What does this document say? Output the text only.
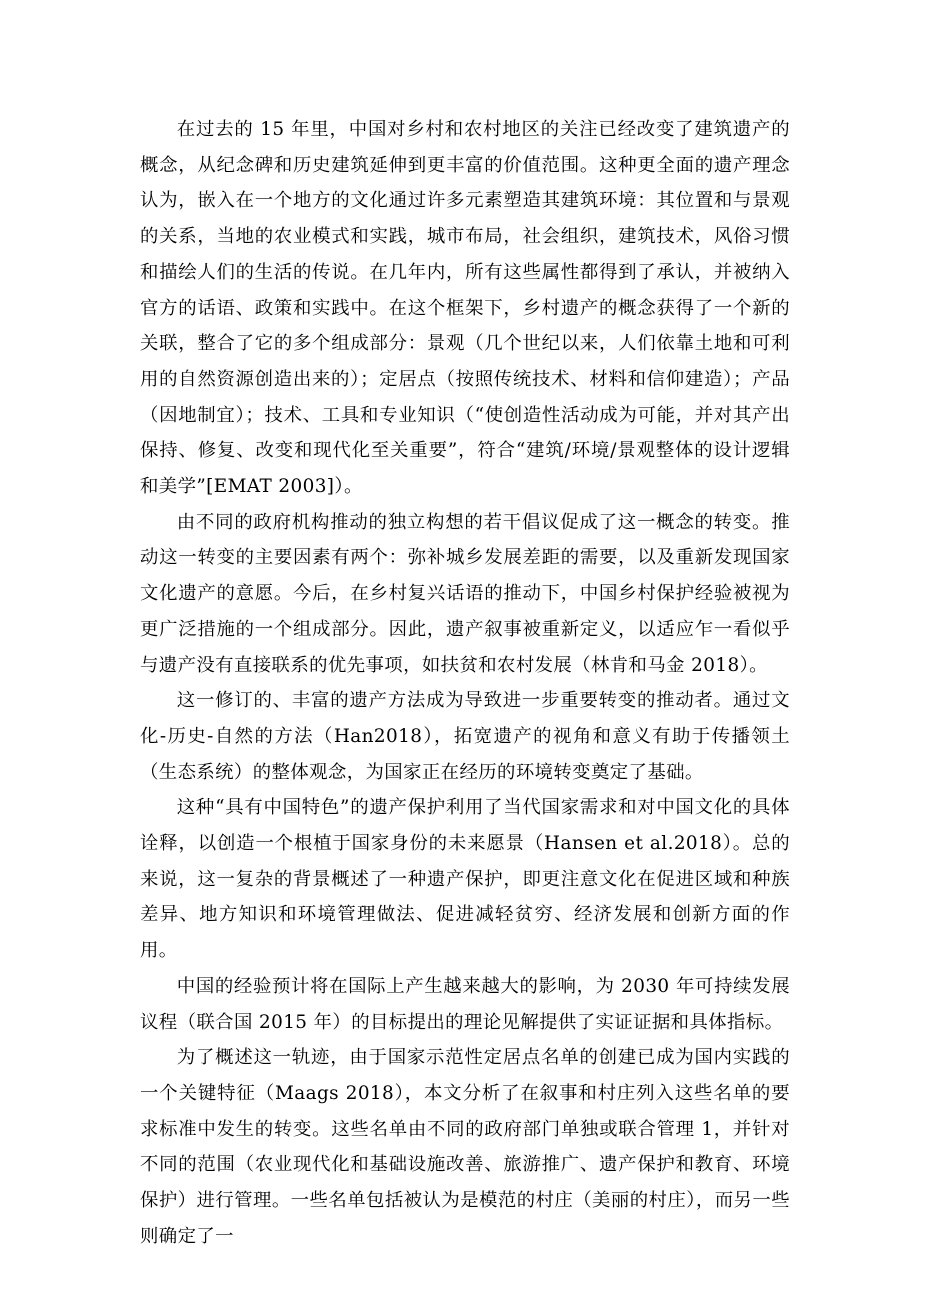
在过去的 15 年里，中国对乡村和农村地区的关注已经改变了建筑遗产的概念，从纪念碑和历史建筑延伸到更丰富的价值范围。这种更全面的遗产理念认为，嵌入在一个地方的文化通过许多元素塑造其建筑环境：其位置和与景观的关系，当地的农业模式和实践，城市布局，社会组织，建筑技术，风俗习惯和描绘人们的生活的传说。在几年内，所有这些属性都得到了承认，并被纳入官方的话语、政策和实践中。在这个框架下，乡村遗产的概念获得了一个新的关联，整合了它的多个组成部分：景观（几个世纪以来，人们依靠土地和可利用的自然资源创造出来的）；定居点（按照传统技术、材料和信仰建造）；产品（因地制宜）；技术、工具和专业知识（“使创造性活动成为可能，并对其产出保持、修复、改变和现代化至关重要”，符合“建筑/环境/景观整体的设计逻辑和美学”[EMAT 2003]）。

由不同的政府机构推动的独立构想的若干倡议促成了这一概念的转变。推动这一转变的主要因素有两个：弥补城乡发展差距的需要，以及重新发现国家文化遗产的意愿。今后，在乡村复兴话语的推动下，中国乡村保护经验被视为更广泛措施的一个组成部分。因此，遗产叙事被重新定义，以适应乍一看似乎与遗产没有直接联系的优先事项，如扶贫和农村发展（林肯和马金 2018）。

这一修订的、丰富的遗产方法成为导致进一步重要转变的推动者。通过文化-历史-自然的方法（Han2018），拓宽遗产的视角和意义有助于传播领土（生态系统）的整体观念，为国家正在经历的环境转变奠定了基础。

这种“具有中国特色”的遗产保护利用了当代国家需求和对中国文化的具体诠释，以创造一个根植于国家身份的未来愿景（Hansen et al.2018）。总的来说，这一复杂的背景概述了一种遗产保护，即更注意文化在促进区域和种族差异、地方知识和环境管理做法、促进减轻贫穷、经济发展和创新方面的作用。

中国的经验预计将在国际上产生越来越大的影响，为 2030 年可持续发展议程（联合国 2015 年）的目标提出的理论见解提供了实证证据和具体指标。

为了概述这一轨迹，由于国家示范性定居点名单的创建已成为国内实践的一个关键特征（Maags 2018），本文分析了在叙事和村庄列入这些名单的要求标准中发生的转变。这些名单由不同的政府部门单独或联合管理 1，并针对不同的范围（农业现代化和基础设施改善、旅游推广、遗产保护和教育、环境保护）进行管理。一些名单包括被认为是模范的村庄（美丽的村庄），而另一些则确定了一
